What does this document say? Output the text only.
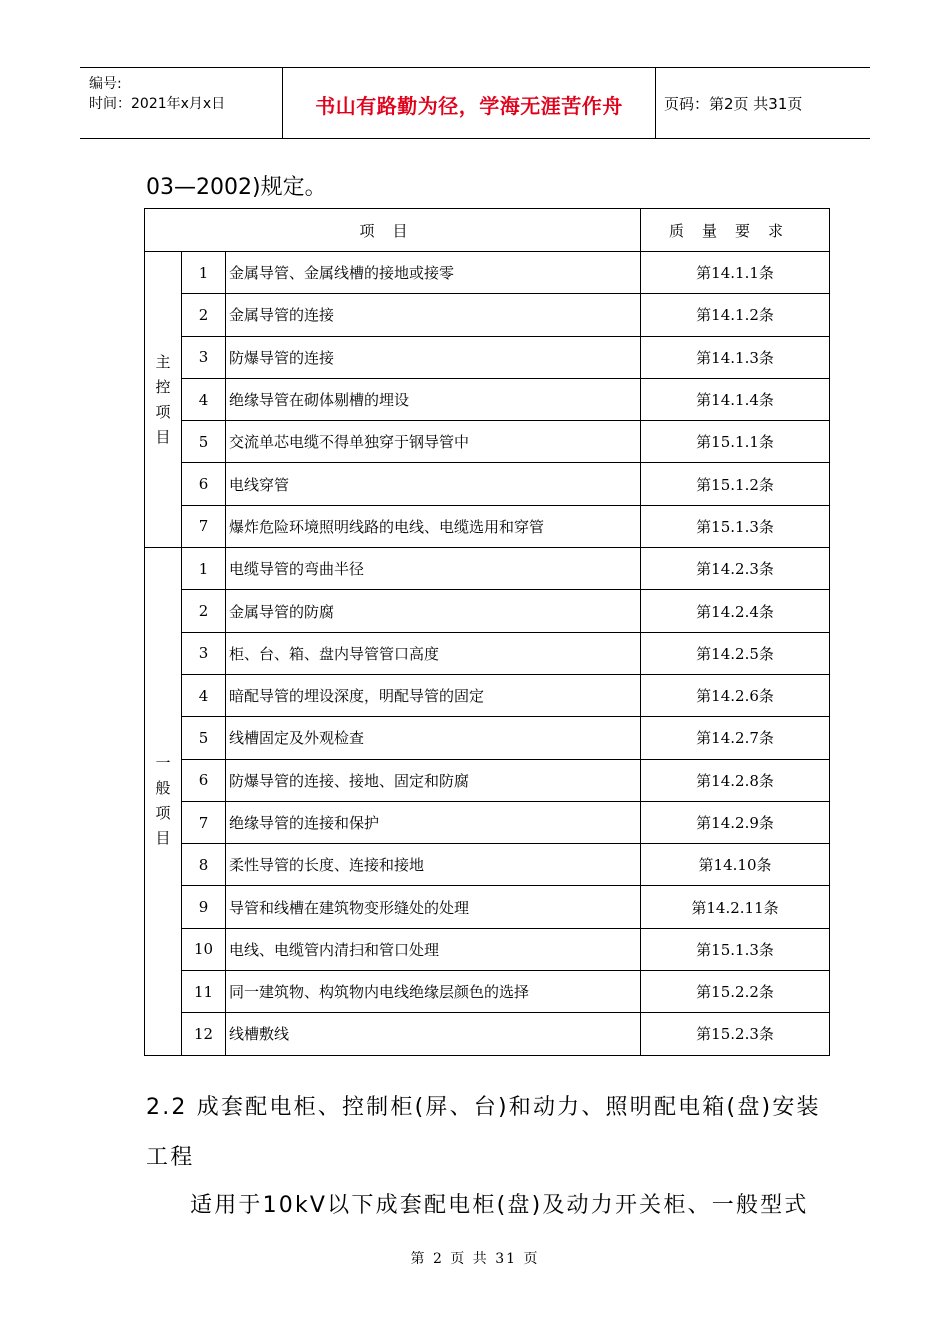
编号:
时间：2021年x月x日	书山有路勤为径，学海无涯苦作舟	页码：第2页 共31页
03—2002)规定。
项目			质量要求

主
控
项
目	1	金属导管、金属线槽的接地或接零	第14.1.1条
	2	金属导管的连接	第14.1.2条
	3	防爆导管的连接	第14.1.3条
	4	绝缘导管在砌体剔槽的埋设	第14.1.4条
	5	交流单芯电缆不得单独穿于钢导管中	第15.1.1条
	6	电线穿管	第15.1.2条
	7	爆炸危险环境照明线路的电线、电缆选用和穿管	第15.1.3条

一
般
项
目	1	电缆导管的弯曲半径	第14.2.3条
	2	金属导管的防腐	第14.2.4条
	3	柜、台、箱、盘内导管管口高度	第14.2.5条
	4	暗配导管的埋设深度，明配导管的固定	第14.2.6条
	5	线槽固定及外观检查	第14.2.7条
	6	防爆导管的连接、接地、固定和防腐	第14.2.8条
	7	绝缘导管的连接和保护	第14.2.9条
	8	柔性导管的长度、连接和接地	第14.10条
	9	导管和线槽在建筑物变形缝处的处理	第14.2.11条
	10	电线、电缆管内清扫和管口处理	第15.1.3条
	11	同一建筑物、构筑物内电线绝缘层颜色的选择	第15.2.2条
	12	线槽敷线	第15.2.3条
2.2 成套配电柜、控制柜(屏、台)和动力、照明配电箱(盘)安装
工程
适用于10kV以下成套配电柜(盘)及动力开关柜、一般型式
第 2 页 共 31 页
